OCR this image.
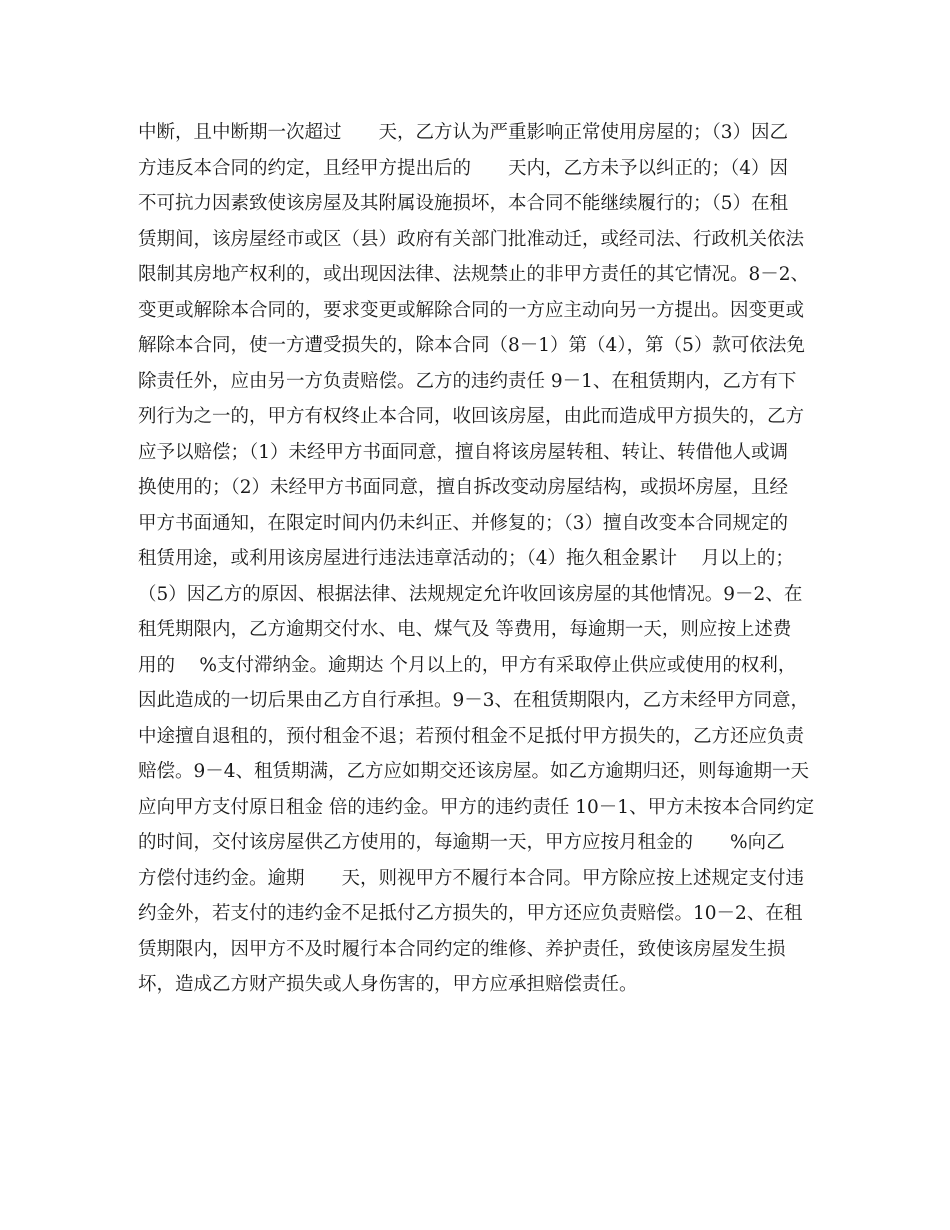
中断，且中断期一次超过　　天，乙方认为严重影响正常使用房屋的；（3）因乙
方违反本合同的约定，且经甲方提出后的　　天内，乙方未予以纠正的；（4）因
不可抗力因素致使该房屋及其附属设施损坏，本合同不能继续履行的；（5）在租
赁期间，该房屋经市或区（县）政府有关部门批准动迁，或经司法、行政机关依法
限制其房地产权利的，或出现因法律、法规禁止的非甲方责任的其它情况。8－2、
变更或解除本合同的，要求变更或解除合同的一方应主动向另一方提出。因变更或
解除本合同，使一方遭受损失的，除本合同（8－1）第（4），第（5）款可依法免
除责任外，应由另一方负责赔偿。乙方的违约责任 9－1、在租赁期内，乙方有下
列行为之一的，甲方有权终止本合同，收回该房屋，由此而造成甲方损失的，乙方
应予以赔偿；（1）未经甲方书面同意，擅自将该房屋转租、转让、转借他人或调
换使用的；（2）未经甲方书面同意，擅自拆改变动房屋结构，或损坏房屋，且经
甲方书面通知，在限定时间内仍未纠正、并修复的；（3）擅自改变本合同规定的
租赁用途，或利用该房屋进行违法违章活动的；（4）拖久租金累计　 月以上的；
（5）因乙方的原因、根据法律、法规规定允许收回该房屋的其他情况。9－2、在
租凭期限内，乙方逾期交付水、电、煤气及 等费用，每逾期一天，则应按上述费
用的　 %支付滞纳金。逾期达 个月以上的，甲方有采取停止供应或使用的权利，
因此造成的一切后果由乙方自行承担。9－3、在租赁期限内，乙方未经甲方同意，
中途擅自退租的，预付租金不退；若预付租金不足抵付甲方损失的，乙方还应负责
赔偿。9－4、租赁期满，乙方应如期交还该房屋。如乙方逾期归还，则每逾期一天
应向甲方支付原日租金 倍的违约金。甲方的违约责任 10－1、甲方未按本合同约定
的时间，交付该房屋供乙方使用的，每逾期一天，甲方应按月租金的　　%向乙
方偿付违约金。逾期　　天，则视甲方不履行本合同。甲方除应按上述规定支付违
约金外，若支付的违约金不足抵付乙方损失的，甲方还应负责赔偿。10－2、在租
赁期限内，因甲方不及时履行本合同约定的维修、养护责任，致使该房屋发生损
坏，造成乙方财产损失或人身伤害的，甲方应承担赔偿责任。
